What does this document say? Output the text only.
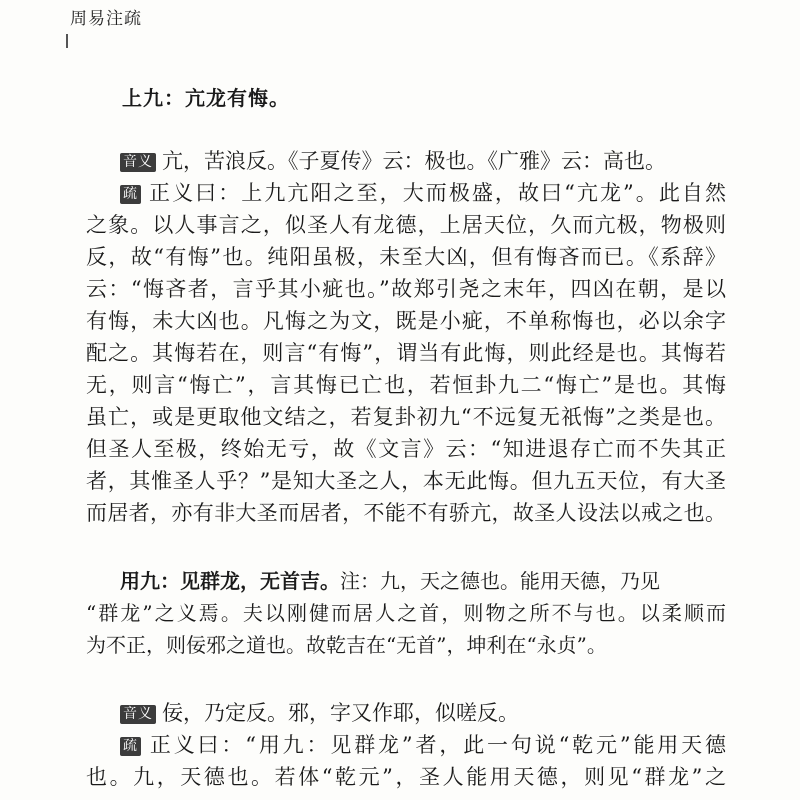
周易注疏
上九：亢龙有悔。
音义 亢，苦浪反。《子夏传》云：极也。《广雅》云：高也。
疏 正义曰：上九亢阳之至，大而极盛，故曰“亢龙”。此自然
之象。以人事言之，似圣人有龙德，上居天位，久而亢极，物极则
反，故“有悔”也。纯阳虽极，未至大凶，但有悔吝而已。《系辞》
云：“悔吝者，言乎其小疵也。”故郑引尧之末年，四凶在朝，是以
有悔，未大凶也。凡悔之为文，既是小疵，不单称悔也，必以余字
配之。其悔若在，则言“有悔”，谓当有此悔，则此经是也。其悔若
无，则言“悔亡”，言其悔已亡也，若恒卦九二“悔亡”是也。其悔
虽亡，或是更取他文结之，若复卦初九“不远复无祇悔”之类是也。
但圣人至极，终始无亏，故《文言》云：“知进退存亡而不失其正
者，其惟圣人乎？”是知大圣之人，本无此悔。但九五天位，有大圣
而居者，亦有非大圣而居者，不能不有骄亢，故圣人设法以戒之也。
用九：见群龙，无首吉。注：九，天之德也。能用天德，乃见
“群龙”之义焉。夫以刚健而居人之首，则物之所不与也。以柔顺而
为不正，则佞邪之道也。故乾吉在“无首”，坤利在“永贞”。
音义 佞，乃定反。邪，字又作耶，似嗟反。
疏 正义曰：“用九：见群龙”者，此一句说“乾元”能用天德
也。九，天德也。若体“乾元”，圣人能用天德，则见“群龙”之
